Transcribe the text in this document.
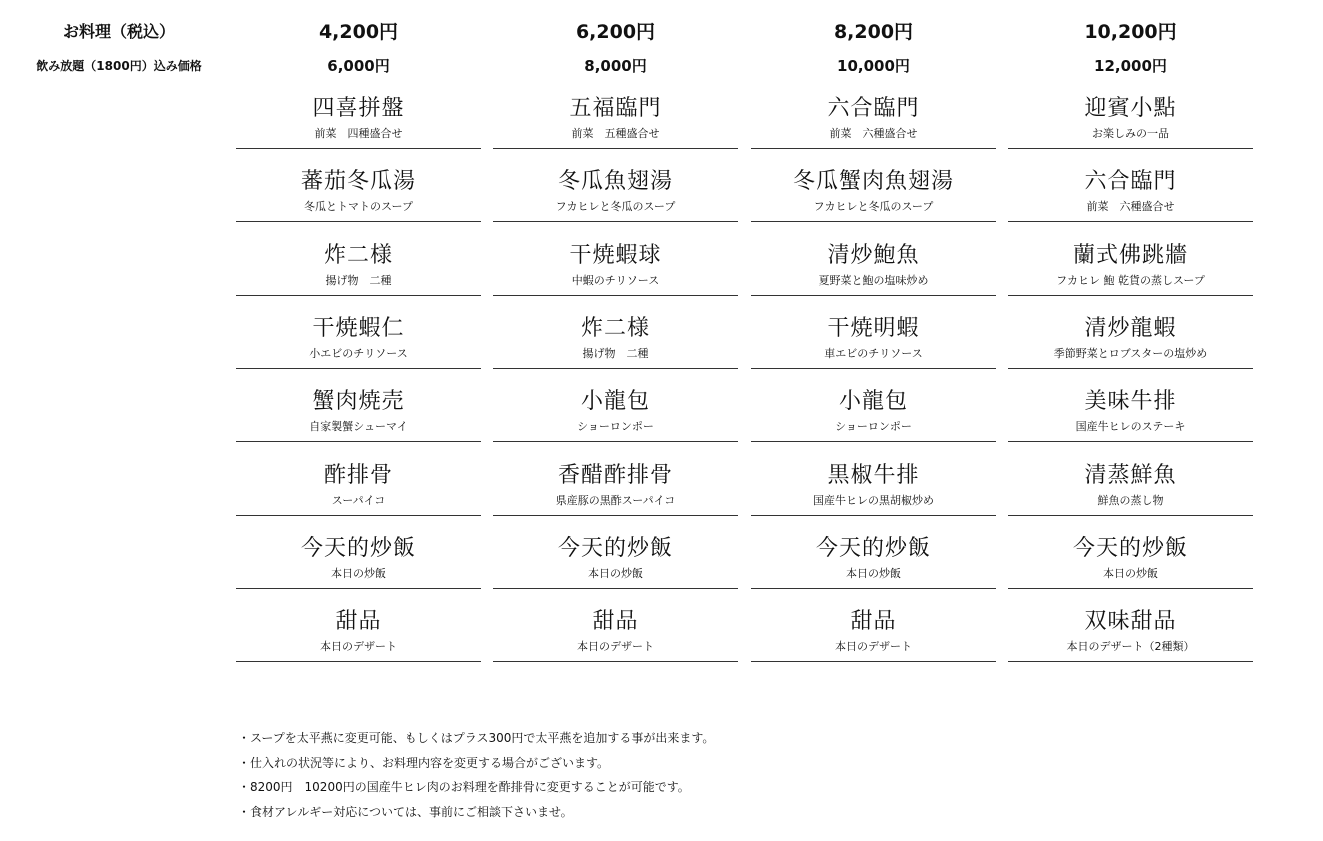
お料理（税込）
飲み放題（1800円）込み価格
4,200円
6,000円
四喜拼盤
前菜　四種盛合せ
蕃茄冬瓜湯
冬瓜とトマトのスープ
炸二様
揚げ物　二種
干焼蝦仁
小エビのチリソース
蟹肉焼売
自家製蟹シューマイ
酢排骨
スーパイコ
今天的炒飯
本日の炒飯
甜品
本日のデザート
6,200円
8,000円
五福臨門
前菜　五種盛合せ
冬瓜魚翅湯
フカヒレと冬瓜のスープ
干焼蝦球
中蝦のチリソース
炸二様
揚げ物　二種
小龍包
ショーロンポー
香醋酢排骨
県産豚の黒酢スーパイコ
今天的炒飯
本日の炒飯
甜品
本日のデザート
8,200円
10,000円
六合臨門
前菜　六種盛合せ
冬瓜蟹肉魚翅湯
フカヒレと冬瓜のスープ
清炒鮑魚
夏野菜と鮑の塩味炒め
干焼明蝦
車エビのチリソース
小龍包
ショーロンポー
黒椒牛排
国産牛ヒレの黒胡椒炒め
今天的炒飯
本日の炒飯
甜品
本日のデザート
10,200円
12,000円
迎賓小點
お楽しみの一品
六合臨門
前菜　六種盛合せ
蘭式佛跳牆
フカヒレ 鮑 乾貨の蒸しスープ
清炒龍蝦
季節野菜とロブスターの塩炒め
美味牛排
国産牛ヒレのステーキ
清蒸鮮魚
鮮魚の蒸し物
今天的炒飯
本日の炒飯
双味甜品
本日のデザート（2種類）
・スープを太平燕に変更可能、もしくはプラス300円で太平燕を追加する事が出来ます。
・仕入れの状況等により、お料理内容を変更する場合がございます。
・8200円　10200円の国産牛ヒレ肉のお料理を酢排骨に変更することが可能です。
・食材アレルギー対応については、事前にご相談下さいませ。
